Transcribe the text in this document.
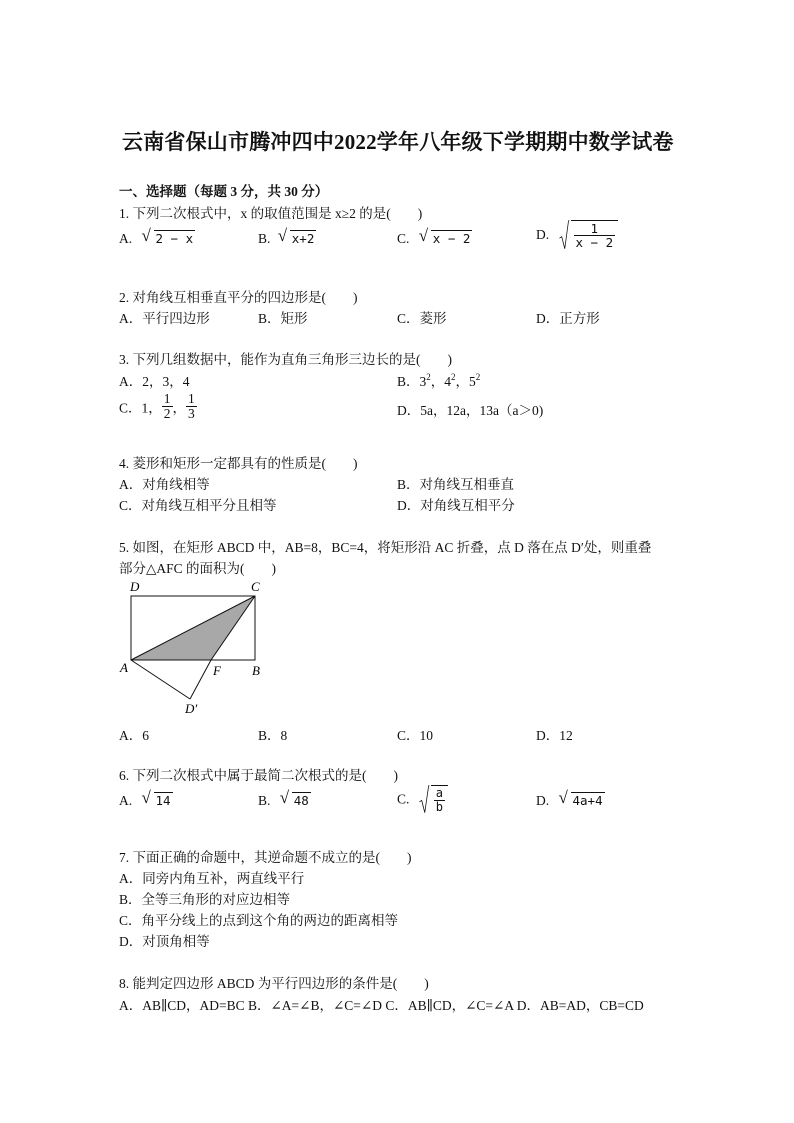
云南省保山市腾冲四中2022学年八年级下学期期中数学试卷
一、选择题（每题 3 分，共 30 分）
1. 下列二次根式中，x 的取值范围是 x≥2 的是(　　)
A. √ 2 − x	B. √ x+2	C. √ x − 2	D. $\frac{1}{x - 2}$
2. 对角线互相垂直平分的四边形是(　　)
A．平行四边形	B．矩形	C．菱形	D．正方形
3. 下列几组数据中，能作为直角三角形三边长的是(　　)
A．2，3，4	B．$3^2$，$4^2$，$5^2$
C．1， $\frac{1}{2}$ ， $\frac{1}{3}$	D．5a，12a，13a（a＞0)
4. 菱形和矩形一定都具有的性质是(　　)
A．对角线相等	B．对角线互相垂直
C．对角线互相平分且相等	D．对角线互相平分
5. 如图，在矩形 ABCD 中，AB=8，BC=4，将矩形沿 AC 折叠，点 D 落在点 D′处，则重叠
部分△AFC 的面积为(　　)
D	C
A	F B
D′
A．6	B．8	C．10	D．12
6. 下列二次根式中属于最简二次根式的是(　　)
A. √ 14	B. √ 48	C. $\frac{a}{b}$	D. √ 4a+4
7. 下面正确的命题中，其逆命题不成立的是(　　)
A．同旁内角互补，两直线平行
B．全等三角形的对应边相等
C．角平分线上的点到这个角的两边的距离相等
D．对顶角相等
8. 能判定四边形 ABCD 为平行四边形的条件是(　　)
A．AB∥CD，AD=BC B．∠A=∠B，∠C=∠D C．AB∥CD，∠C=∠A D．AB=AD，CB=CD
